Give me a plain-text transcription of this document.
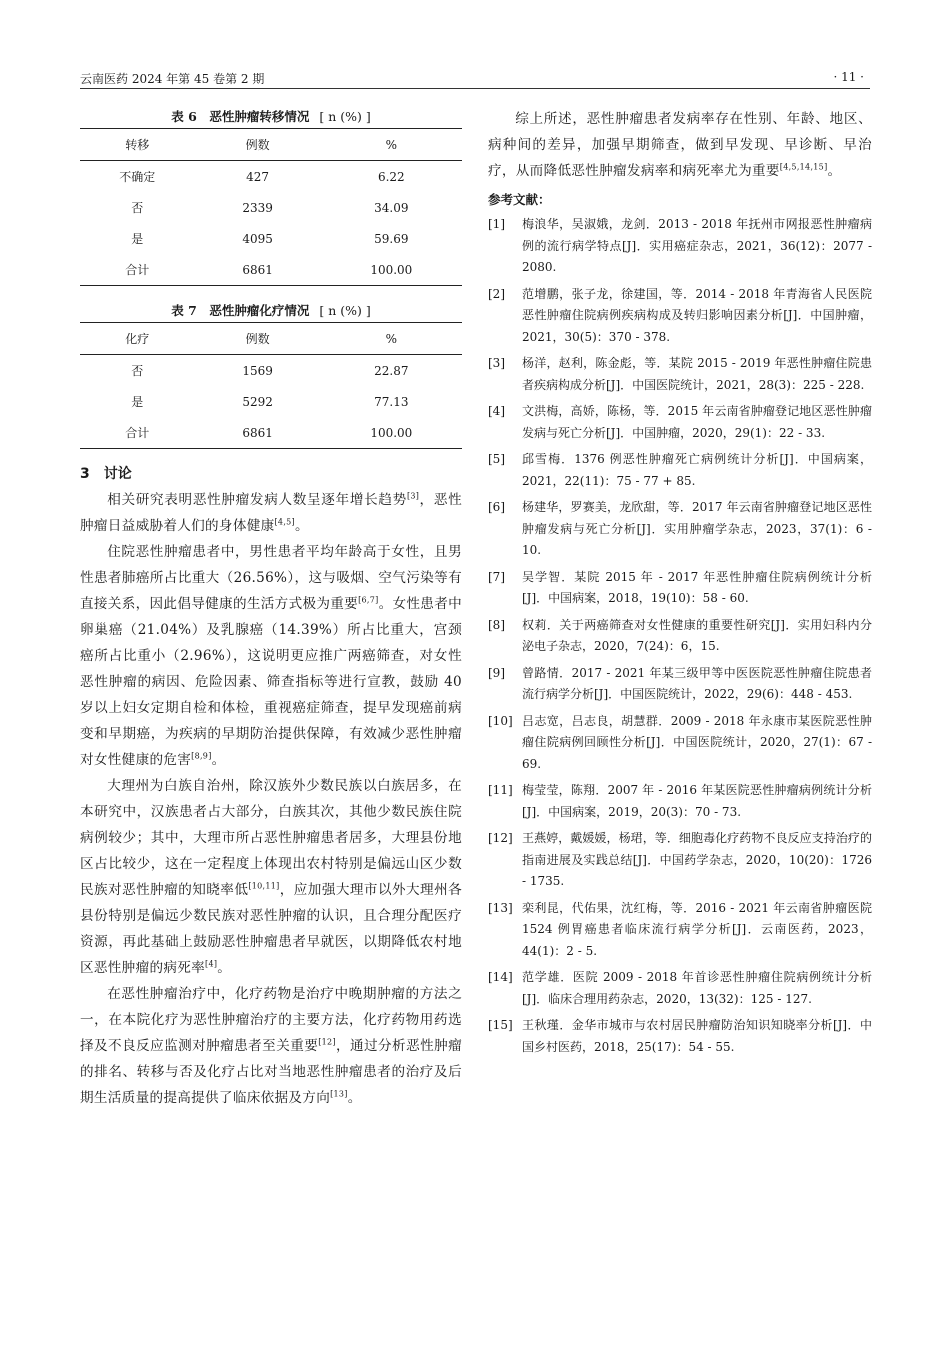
云南医药 2024 年第 45 卷第 2 期	· 11 ·
表 6　恶性肿瘤转移情况 [ n (%) ]
转移	例数	%
不确定	427	6.22
否	2339	34.09
是	4095	59.69
合计	6861	100.00
表 7　恶性肿瘤化疗情况 [ n (%) ]
化疗	例数	%
否	1569	22.87
是	5292	77.13
合计	6861	100.00
3　讨论

相关研究表明恶性肿瘤发病人数呈逐年增长趋势[3]，恶性肿瘤日益威胁着人们的身体健康[4,5]。

住院恶性肿瘤患者中，男性患者平均年龄高于女性，且男性患者肺癌所占比重大（26.56%），这与吸烟、空气污染等有直接关系，因此倡导健康的生活方式极为重要[6,7]。女性患者中卵巢癌（21.04%）及乳腺癌（14.39%）所占比重大，宫颈癌所占比重小（2.96%），这说明更应推广两癌筛查，对女性恶性肿瘤的病因、危险因素、筛查指标等进行宣教，鼓励 40 岁以上妇女定期自检和体检，重视癌症筛查，提早发现癌前病变和早期癌，为疾病的早期防治提供保障，有效减少恶性肿瘤对女性健康的危害[8,9]。

大理州为白族自治州，除汉族外少数民族以白族居多，在本研究中，汉族患者占大部分，白族其次，其他少数民族住院病例较少；其中，大理市所占恶性肿瘤患者居多，大理县份地区占比较少，这在一定程度上体现出农村特别是偏远山区少数民族对恶性肿瘤的知晓率低[10,11]，应加强大理市以外大理州各县份特别是偏远少数民族对恶性肿瘤的认识，且合理分配医疗资源，再此基础上鼓励恶性肿瘤患者早就医，以期降低农村地区恶性肿瘤的病死率[4]。

在恶性肿瘤治疗中，化疗药物是治疗中晚期肿瘤的方法之一，在本院化疗为恶性肿瘤治疗的主要方法，化疗药物用药选择及不良反应监测对肿瘤患者至关重要[12]，通过分析恶性肿瘤的排名、转移与否及化疗占比对当地恶性肿瘤患者的治疗及后期生活质量的提高提供了临床依据及方向[13]。

综上所述，恶性肿瘤患者发病率存在性别、年龄、地区、病种间的差异，加强早期筛查，做到早发现、早诊断、早治疗，从而降低恶性肿瘤发病率和病死率尤为重要[4,5,14,15]。

参考文献：
[1] 梅浪华，吴淑娥，龙剑．2013 - 2018 年抚州市网报恶性肿瘤病例的流行病学特点[J]．实用癌症杂志，2021，36(12)：2077 - 2080.
[2] 范增鹏，张子龙，徐建国，等．2014 - 2018 年青海省人民医院恶性肿瘤住院病例疾病构成及转归影响因素分析[J]．中国肿瘤，2021，30(5)：370 - 378.
[3] 杨洋，赵利，陈金彪，等．某院 2015 - 2019 年恶性肿瘤住院患者疾病构成分析[J]．中国医院统计，2021，28(3)：225 - 228.
[4] 文洪梅，高娇，陈杨，等．2015 年云南省肿瘤登记地区恶性肿瘤发病与死亡分析[J]．中国肿瘤，2020，29(1)：22 - 33.
[5] 邱雪梅．1376 例恶性肿瘤死亡病例统计分析[J]．中国病案，2021，22(11)：75 - 77 + 85.
[6] 杨建华，罗赛美，龙欣甜，等．2017 年云南省肿瘤登记地区恶性肿瘤发病与死亡分析[J]．实用肿瘤学杂志，2023，37(1)：6 - 10.
[7] 吴学智．某院 2015 年 - 2017 年恶性肿瘤住院病例统计分析[J]．中国病案，2018，19(10)：58 - 60.
[8] 权莉．关于两癌筛查对女性健康的重要性研究[J]．实用妇科内分泌电子杂志，2020，7(24)：6，15.
[9] 曾路情．2017 - 2021 年某三级甲等中医医院恶性肿瘤住院患者流行病学分析[J]．中国医院统计，2022，29(6)：448 - 453.
[10] 吕志宽，吕志良，胡慧群．2009 - 2018 年永康市某医院恶性肿瘤住院病例回顾性分析[J]．中国医院统计，2020，27(1)：67 - 69.
[11] 梅莹莹，陈翔．2007 年 - 2016 年某医院恶性肿瘤病例统计分析[J]．中国病案，2019，20(3)：70 - 73.
[12] 王燕婷，戴媛媛，杨珺，等．细胞毒化疗药物不良反应支持治疗的指南进展及实践总结[J]．中国药学杂志，2020，10(20)：1726 - 1735.
[13] 栾利昆，代佑果，沈红梅，等．2016 - 2021 年云南省肿瘤医院 1524 例胃癌患者临床流行病学分析[J]．云南医药，2023，44(1)：2 - 5.
[14] 范学雄．医院 2009 - 2018 年首诊恶性肿瘤住院病例统计分析[J]．临床合理用药杂志，2020，13(32)：125 - 127.
[15] 王秋瑾．金华市城市与农村居民肿瘤防治知识知晓率分析[J]．中国乡村医药，2018，25(17)：54 - 55.
